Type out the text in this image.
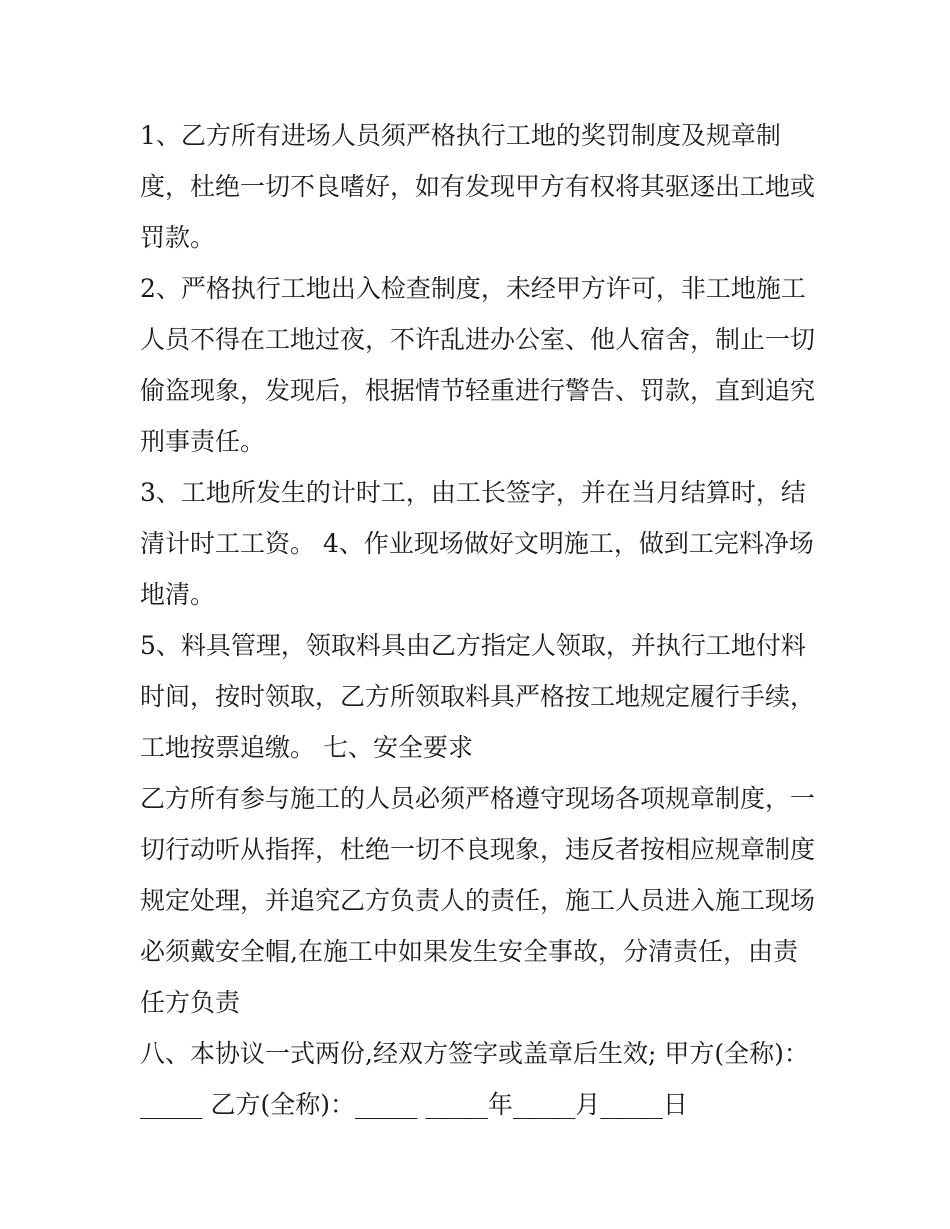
1、乙方所有进场人员须严格执行工地的奖罚制度及规章制
度，杜绝一切不良嗜好，如有发现甲方有权将其驱逐出工地或
罚款。
2、严格执行工地出入检查制度，未经甲方许可，非工地施工
人员不得在工地过夜，不许乱进办公室、他人宿舍，制止一切
偷盗现象，发现后，根据情节轻重进行警告、罚款，直到追究
刑事责任。
3、工地所发生的计时工，由工长签字，并在当月结算时，结
清计时工工资。 4、作业现场做好文明施工，做到工完料净场
地清。
5、料具管理，领取料具由乙方指定人领取，并执行工地付料
时间，按时领取，乙方所领取料具严格按工地规定履行手续，
工地按票追缴。 七、安全要求
乙方所有参与施工的人员必须严格遵守现场各项规章制度，一
切行动听从指挥，杜绝一切不良现象，违反者按相应规章制度
规定处理，并追究乙方负责人的责任，施工人员进入施工现场
必须戴安全帽,在施工中如果发生安全事故，分清责任，由责
任方负责
八、本协议一式两份,经双方签字或盖章后生效; 甲方(全称)：
_____ 乙方(全称)：_____ _____年_____月_____日
